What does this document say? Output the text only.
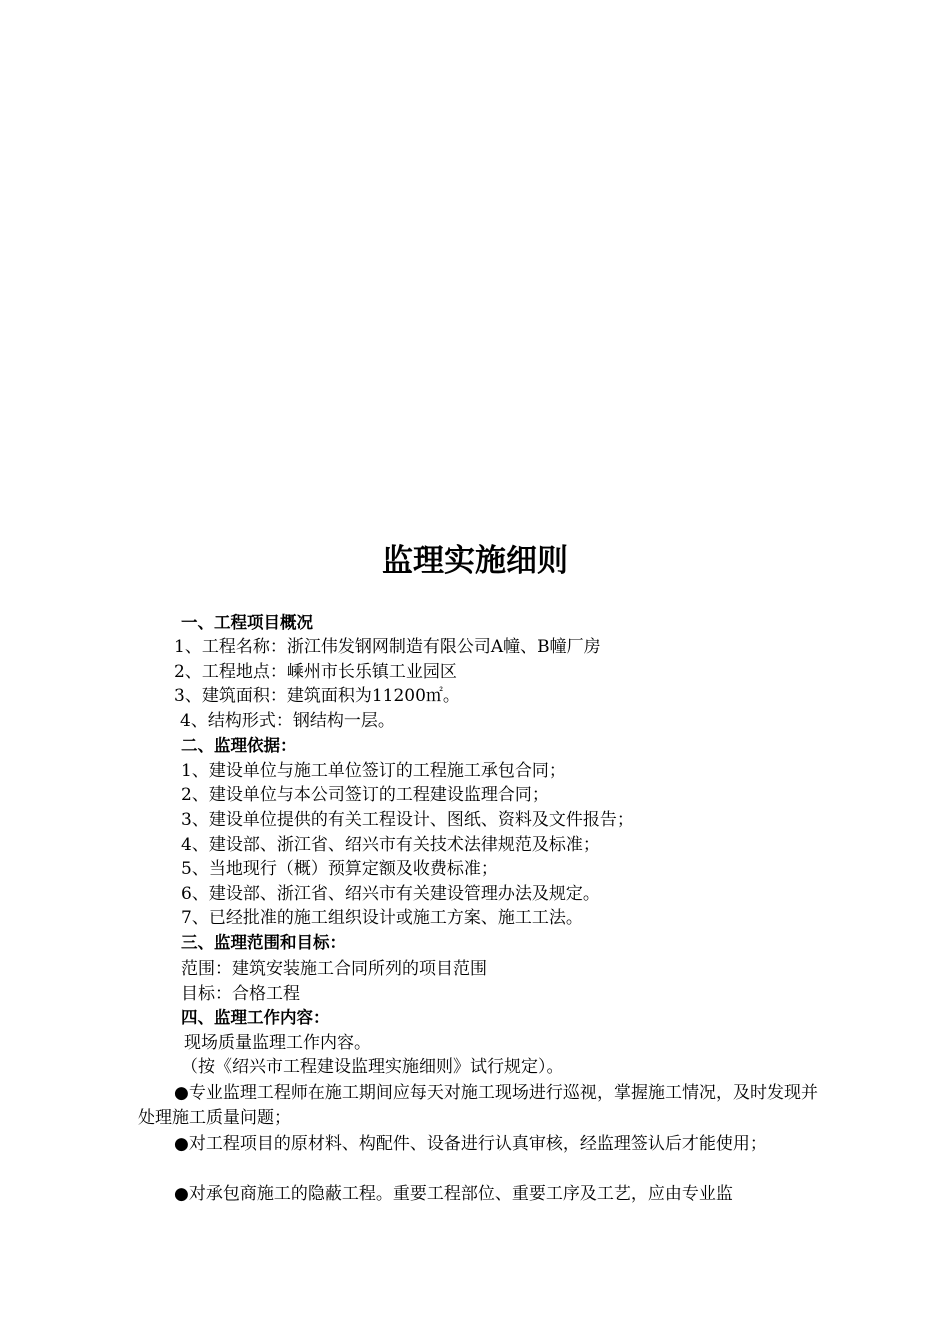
监理实施细则
一、工程项目概况
1、工程名称：浙江伟发钢网制造有限公司A幢、B幢厂房
2、工程地点：嵊州市长乐镇工业园区
3、建筑面积：建筑面积为11200㎡。
4、结构形式：钢结构一层。
二、监理依据：
1、建设单位与施工单位签订的工程施工承包合同；
2、建设单位与本公司签订的工程建设监理合同；
3、建设单位提供的有关工程设计、图纸、资料及文件报告；
4、建设部、浙江省、绍兴市有关技术法律规范及标准；
5、当地现行（概）预算定额及收费标准；
6、建设部、浙江省、绍兴市有关建设管理办法及规定。
7、已经批准的施工组织设计或施工方案、施工工法。
三、监理范围和目标：
范围：建筑安装施工合同所列的项目范围
目标：合格工程
四、监理工作内容：
现场质量监理工作内容。
（按《绍兴市工程建设监理实施细则》试行规定）。
●专业监理工程师在施工期间应每天对施工现场进行巡视，掌握施工情况，及时发现并处理施工质量问题；
●对工程项目的原材料、构配件、设备进行认真审核，经监理签认后才能使用；
●对承包商施工的隐蔽工程。重要工程部位、重要工序及工艺，应由专业监
